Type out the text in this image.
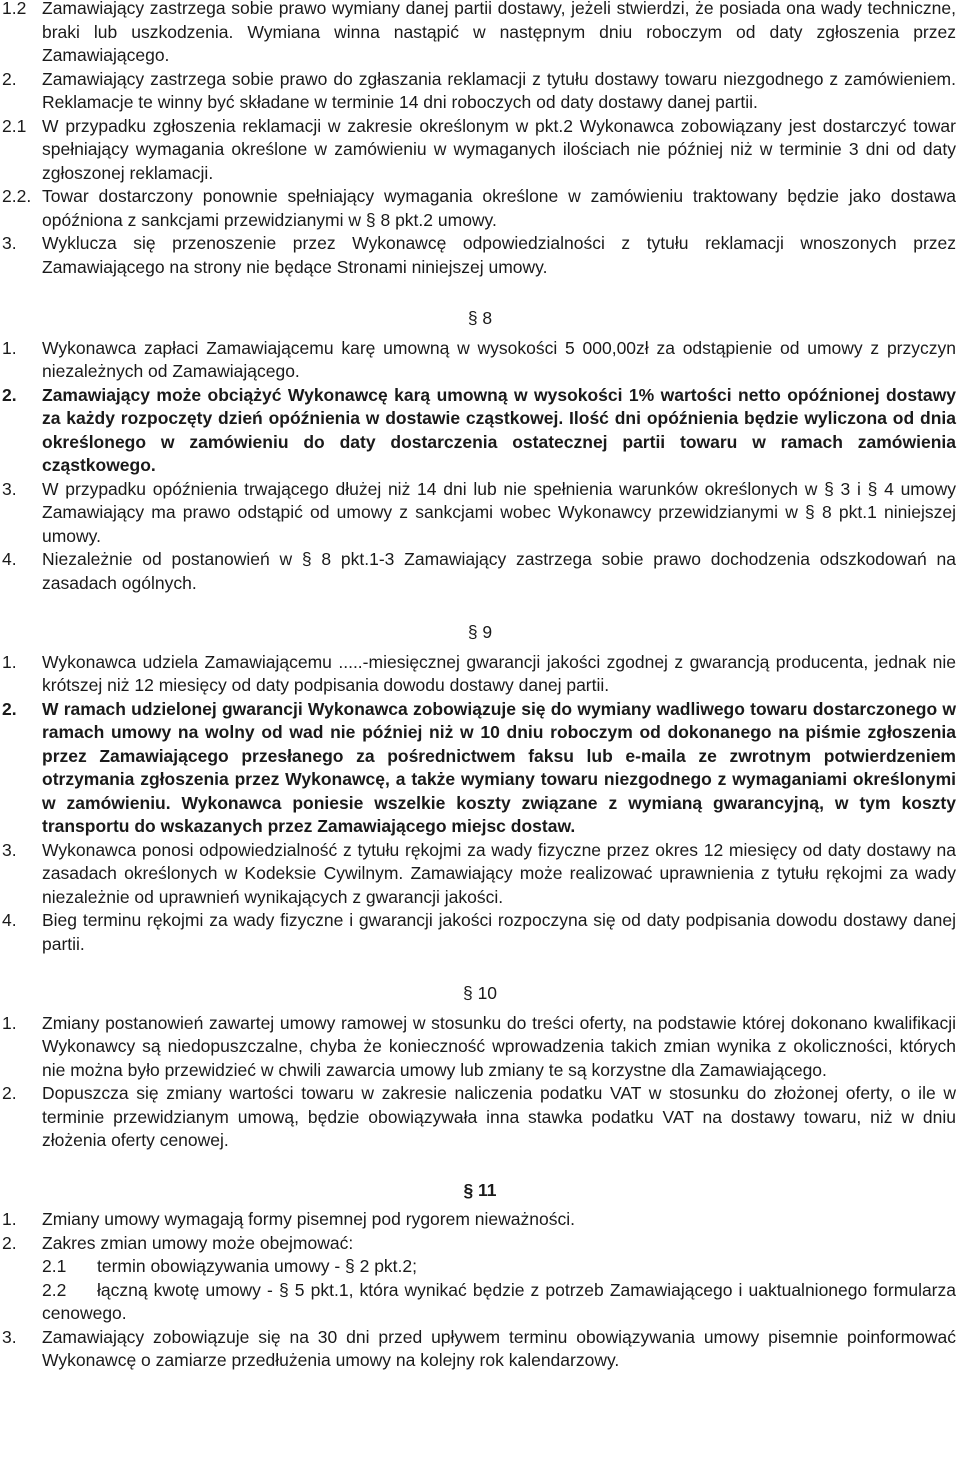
1.2 Zamawiający zastrzega sobie prawo wymiany danej partii dostawy, jeżeli stwierdzi, że posiada ona wady techniczne, braki lub uszkodzenia. Wymiana winna nastąpić w następnym dniu roboczym od daty zgłoszenia przez Zamawiającego.
2.	Zamawiający zastrzega sobie prawo do zgłaszania reklamacji z tytułu dostawy towaru niezgodnego z zamówieniem. Reklamacje te winny być składane w terminie 14 dni roboczych od daty dostawy danej partii.
2.1 W przypadku zgłoszenia reklamacji w zakresie określonym w pkt.2 Wykonawca zobowiązany jest dostarczyć towar spełniający wymagania określone w zamówieniu w wymaganych ilościach nie później niż w terminie 3 dni od daty zgłoszonej reklamacji.
2.2. Towar dostarczony ponownie spełniający wymagania określone w zamówieniu traktowany będzie jako dostawa opóźniona z sankcjami przewidzianymi w § 8 pkt.2 umowy.
3.	Wyklucza się przenoszenie przez Wykonawcę odpowiedzialności z tytułu reklamacji wnoszonych przez Zamawiającego na strony nie będące Stronami niniejszej umowy.
§ 8
1.	Wykonawca zapłaci Zamawiającemu karę umowną w wysokości 5 000,00zł za odstąpienie od umowy z przyczyn niezależnych od Zamawiającego.
2.	Zamawiający może obciążyć Wykonawcę karą umowną w wysokości 1% wartości netto opóźnionej dostawy za każdy rozpoczęty dzień opóźnienia w dostawie cząstkowej. Ilość dni opóźnienia będzie wyliczona od dnia określonego w zamówieniu do daty dostarczenia ostatecznej partii towaru w ramach zamówienia cząstkowego.
3.	W przypadku opóźnienia trwającego dłużej niż 14 dni lub nie spełnienia warunków określonych w § 3 i § 4 umowy Zamawiający ma prawo odstąpić od umowy z sankcjami wobec Wykonawcy przewidzianymi w § 8 pkt.1 niniejszej umowy.
4.	Niezależnie od postanowień w § 8 pkt.1-3 Zamawiający zastrzega sobie prawo dochodzenia odszkodowań na zasadach ogólnych.
§ 9
1.	Wykonawca udziela Zamawiającemu .....-miesięcznej gwarancji jakości zgodnej z gwarancją producenta, jednak nie krótszej niż 12 miesięcy od daty podpisania dowodu dostawy danej partii.
2.	W ramach udzielonej gwarancji Wykonawca zobowiązuje się do wymiany wadliwego towaru dostarczonego w ramach umowy na wolny od wad nie później niż w 10 dniu roboczym od dokonanego na piśmie zgłoszenia przez Zamawiającego przesłanego za pośrednictwem faksu lub e-maila ze zwrotnym potwierdzeniem otrzymania zgłoszenia przez Wykonawcę, a także wymiany towaru niezgodnego z wymaganiami określonymi w zamówieniu. Wykonawca poniesie wszelkie koszty związane z wymianą gwarancyjną, w tym koszty transportu do wskazanych przez Zamawiającego miejsc dostaw.
3.	Wykonawca ponosi odpowiedzialność z tytułu rękojmi za wady fizyczne przez okres 12 miesięcy od daty dostawy na zasadach określonych w Kodeksie Cywilnym. Zamawiający może realizować uprawnienia z tytułu rękojmi za wady niezależnie od uprawnień wynikających z gwarancji jakości.
4.	Bieg terminu rękojmi za wady fizyczne i gwarancji jakości rozpoczyna się od daty podpisania dowodu dostawy danej partii.
§ 10
1.	Zmiany postanowień zawartej umowy ramowej w stosunku do treści oferty, na podstawie której dokonano kwalifikacji Wykonawcy są niedopuszczalne, chyba że konieczność wprowadzenia takich zmian wynika z okoliczności, których nie można było przewidzieć w chwili zawarcia umowy lub zmiany te są korzystne dla Zamawiającego.
2.	Dopuszcza się zmiany wartości towaru w zakresie naliczenia podatku VAT w stosunku do złożonej oferty, o ile w terminie przewidzianym umową, będzie obowiązywała inna stawka podatku VAT na dostawy towaru, niż w dniu złożenia oferty cenowej.
§ 11
1.	Zmiany umowy wymagają formy pisemnej pod rygorem nieważności.
2.	Zakres zmian umowy może obejmować:
2.1	termin obowiązywania umowy - § 2 pkt.2;
2.2 łączną kwotę umowy - § 5 pkt.1, która wynikać będzie z potrzeb Zamawiającego i uaktualnionego formularza cenowego.
3.	Zamawiający zobowiązuje się na 30 dni przed upływem terminu obowiązywania umowy pisemnie poinformować Wykonawcę o zamiarze przedłużenia umowy na kolejny rok kalendarzowy.
